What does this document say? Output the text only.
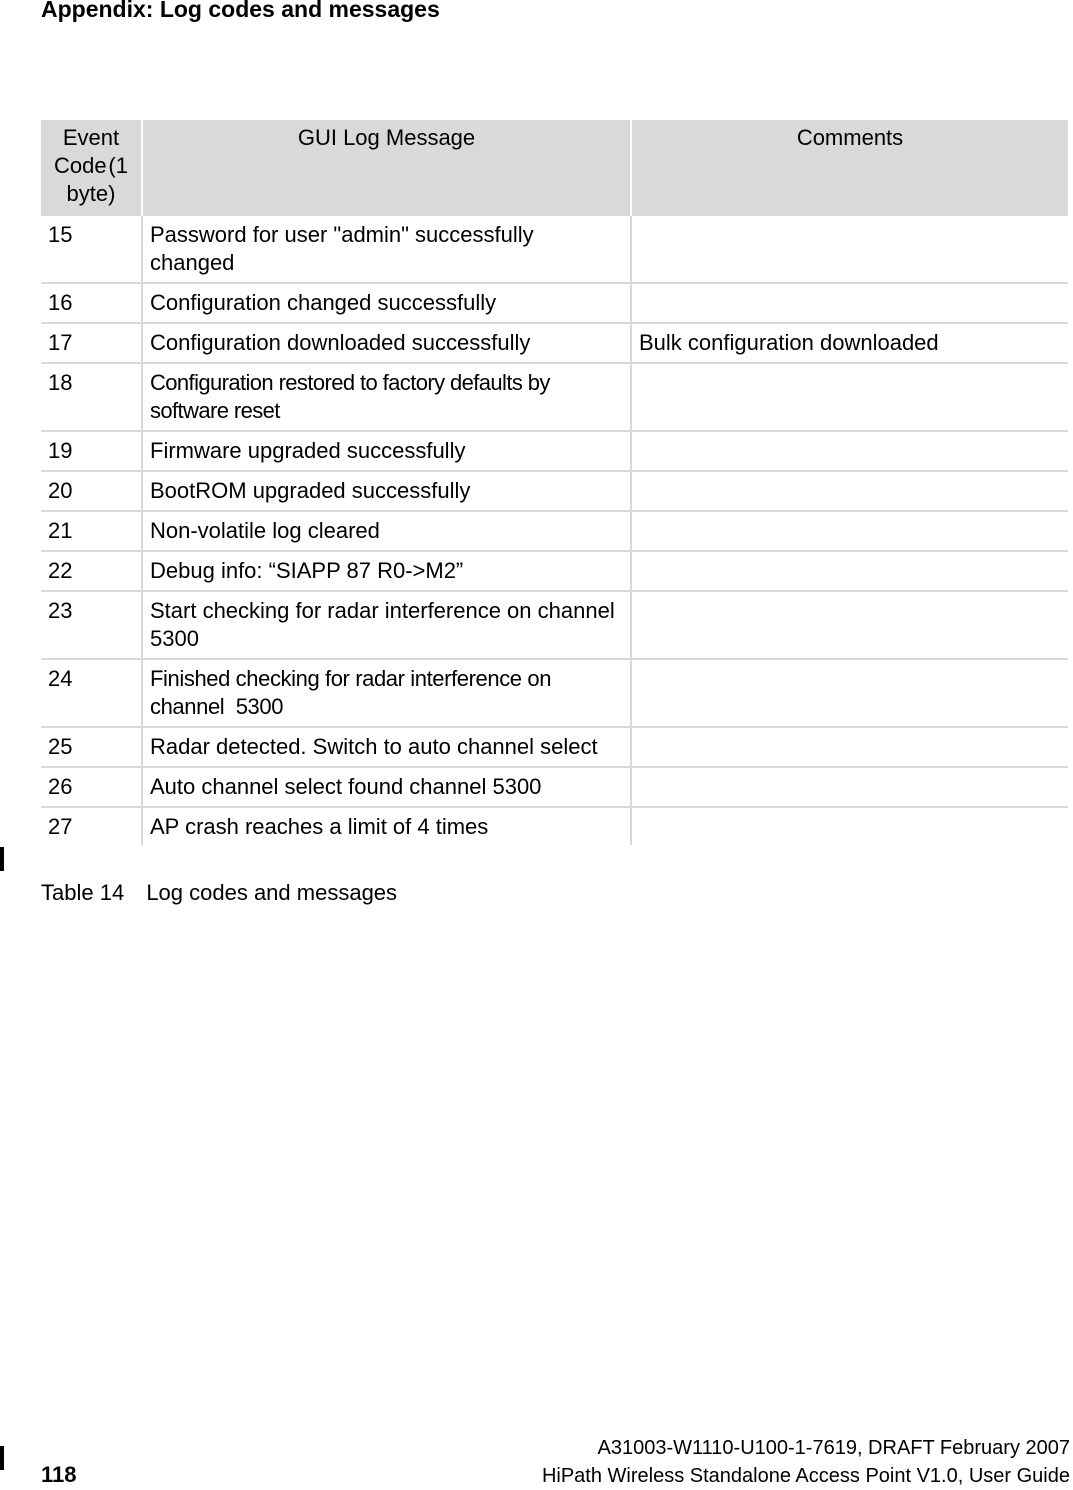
Appendix: Log codes and messages
Event
Code (1
byte)	GUI Log Message	Comments
15	Password for user "admin" successfully changed	
16	Configuration changed successfully	
17	Configuration downloaded successfully	Bulk configuration downloaded
18	Configuration restored to factory defaults by software reset	
19	Firmware upgraded successfully	
20	BootROM upgraded successfully	
21	Non-volatile log cleared	
22	Debug info: “SIAPP 87 R0->M2”	
23	Start checking for radar interference on channel  5300	
24	Finished checking for radar interference on channel  5300	
25	Radar detected. Switch to auto channel select	
26	Auto channel select found channel 5300	
27	AP crash reaches a limit of 4 times	
Table 14 Log codes and messages
118
A31003-W1110-U100-1-7619, DRAFT February 2007
HiPath Wireless Standalone Access Point V1.0, User Guide
